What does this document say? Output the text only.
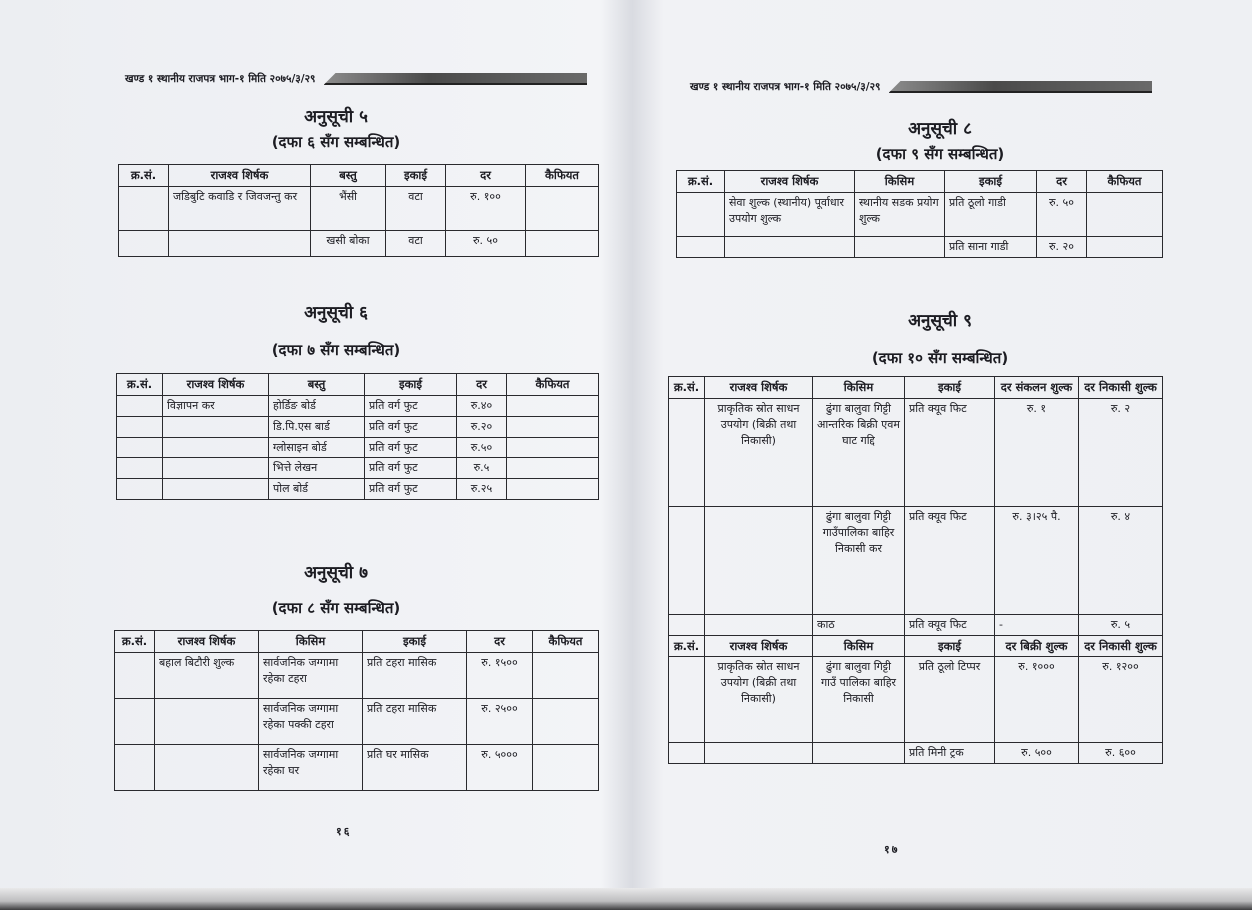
खण्ड १ स्थानीय राजपत्र भाग-१ मिति २०७५/३/२९
अनुसूची ५
(दफा ६ सँग सम्बन्धित)
क्र.सं.	राजश्व शिर्षक	बस्तु	इकाई	दर	कैफियत
	जडिबुटि कवाडि र जिवजन्तु कर	भैंसी	वटा	रु. १००	
		खसी बोका	वटा	रु. ५०	
अनुसूची ६
(दफा ७ सँग सम्बन्धित)
क्र.सं.	राजश्व शिर्षक	बस्तु	इकाई	दर	कैफियत
	विज्ञापन कर	होर्डिङ बोर्ड	प्रति वर्ग फुट	रु.४०	
		डि.पि.एस बार्ड	प्रति वर्ग फुट	रु.२०	
		ग्लोसाइन बोर्ड	प्रति वर्ग फुट	रु.५०	
		भित्ते लेखन	प्रति वर्ग फुट	रु.५	
		पोल बोर्ड	प्रति वर्ग फुट	रु.२५	
अनुसूची ७
(दफा ८ सँग सम्बन्धित)
क्र.सं.	राजश्व शिर्षक	किसिम	इकाई	दर	कैफियत
	बहाल बिटौरी शुल्क	सार्वजनिक जग्गामा रहेका टहरा	प्रति टहरा मासिक	रु. १५००	
		सार्वजनिक जग्गामा रहेका पक्की टहरा	प्रति टहरा मासिक	रु. २५००	
		सार्वजनिक जग्गामा रहेका घर	प्रति घर मासिक	रु. ५०००	
१६
खण्ड १ स्थानीय राजपत्र भाग-१ मिति २०७५/३/२९
अनुसूची ८
(दफा ९ सँग सम्बन्धित)
क्र.सं.	राजश्व शिर्षक	किसिम	इकाई	दर	कैफियत
	सेवा शुल्क (स्थानीय) पूर्वाधार उपयोग शुल्क	स्थानीय सडक प्रयोग शुल्क	प्रति ठूलो गाडी	रु. ५०	
			प्रति साना गाडी	रु. २०	
अनुसूची ९
(दफा १० सँग सम्बन्धित)
क्र.सं.	राजश्व शिर्षक	किसिम	इकाई	दर संकलन शुल्क	दर निकासी शुल्क
	प्राकृतिक स्रोत साधन उपयोग (बिक्री तथा निकासी)	ढुंगा बालुवा गिट्टी आन्तरिक बिक्री एवम घाट गद्दि	प्रति क्यूव फिट	रु. १	रु. २
		ढुंगा बालुवा गिट्टी गाउँपालिका बाहिर निकासी कर	प्रति क्यूव फिट	रु. ३।२५ पै.	रु. ४
		काठ	प्रति क्यूव फिट	-	रु. ५
क्र.सं.	राजश्व शिर्षक	किसिम	इकाई	दर बिक्री शुल्क	दर निकासी शुल्क
	प्राकृतिक स्रोत साधन उपयोग (बिक्री तथा निकासी)	ढुंगा बालुवा गिट्टी गाउँ पालिका बाहिर निकासी	प्रति ठूलो टिप्पर	रु. १०००	रु. १२००
			प्रति मिनी ट्रक	रु. ५००	रु. ६००
१७
